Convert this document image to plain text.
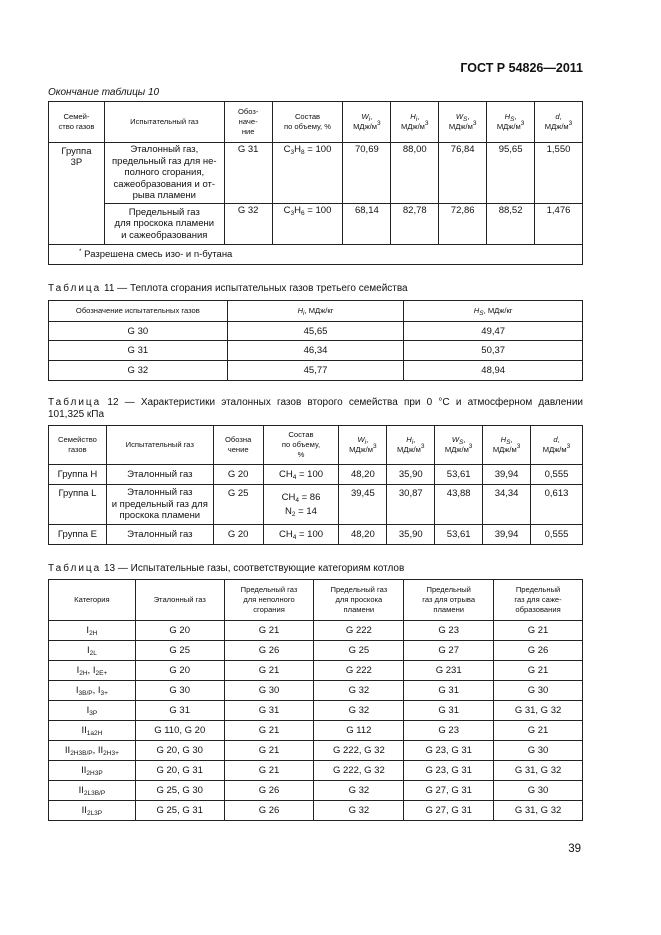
ГОСТ Р 54826—2011
Окончание таблицы 10
Семей-
ство газов	Испытательный газ	Обоз-
наче-
ние	Состав
по объему, %	$W_i$,
МДж/$м^3$	$H_i$,
МДж/$м^3$	$W_S$,
МДж/$м^3$	$H_S$,
МДж/$м^3$	d,
МДж/$м^3$
Группа
3Р	Эталонный газ,
предельный газ для не-
полного сгорания,
сажеобразования и от-
рыва пламени	G 31	$C_3H_8 = 100$	70,69	88,00	76,84	95,65	1,550
	Предельный газ
для проскока пламени
и сажеобразования	G 32	$C_3H_6 = 100$	68,14	82,78	72,86	88,52	1,476
* Разрешена смесь изо- и n-бутана								
Таблица 11 — Теплота сгорания испытательных газов третьего семейства
Обозначение испытательных газов	$H_i$, МДж/кг	$H_S$, МДж/кг
G 30	45,65	49,47
G 31	46,34	50,37
G 32	45,77	48,94
Таблица 12 — Характеристики эталонных газов второго семейства при 0 °С и атмосферном давлении
101,325 кПа
Семейство
газов	Испытательный газ	Обозна
чение	Состав
по объему,
%	$W_i$,
МДж/$м^3$	$H_i$,
МДж/$м^3$	$W_S$,
МДж/$м^3$	$H_S$,
МДж/$м^3$	d,
МДж/$м^3$
Группа Н	Эталонный газ	G 20	$CH_4 = 100$	48,20	35,90	53,61	39,94	0,555
Группа L	Эталонный газ
и предельный газ для
проскока пламени	G 25	$CH_4 = 86$
$N_2 = 14$	39,45	30,87	43,88	34,34	0,613
Группа Е	Эталонный газ	G 20	$CH_4 = 100$	48,20	35,90	53,61	39,94	0,555
Таблица 13 — Испытательные газы, соответствующие категориям котлов
Категория	Эталонный газ	Предельный газ
для неполного
сгорания	Предельный газ
для проскока
пламени	Предельный
газ для отрыва
пламени	Предельный
газ для саже-
образования
$I_{2H}$	G 20	G 21	G 222	G 23	G 21
$I_{2L}$	G 25	G 26	G 25	G 27	G 26
$I_{2H}$, $I_{2E+}$	G 20	G 21	G 222	G 231	G 21
$I_{3B/P}$, $I_{3+}$	G 30	G 30	G 32	G 31	G 30
$I_{3P}$	G 31	G 31	G 32	G 31	G 31, G 32
$II_{1a2H}$	G 110, G 20	G 21	G 112	G 23	G 21
$II_{2H3B/P}$, $II_{2H3+}$	G 20, G 30	G 21	G 222, G 32	G 23, G 31	G 30
$II_{2H3P}$	G 20, G 31	G 21	G 222, G 32	G 23, G 31	G 31, G 32
$II_{2L3B/P}$	G 25, G 30	G 26	G 32	G 27, G 31	G 30
$II_{2L3P}$	G 25, G 31	G 26	G 32	G 27, G 31	G 31, G 32
39
